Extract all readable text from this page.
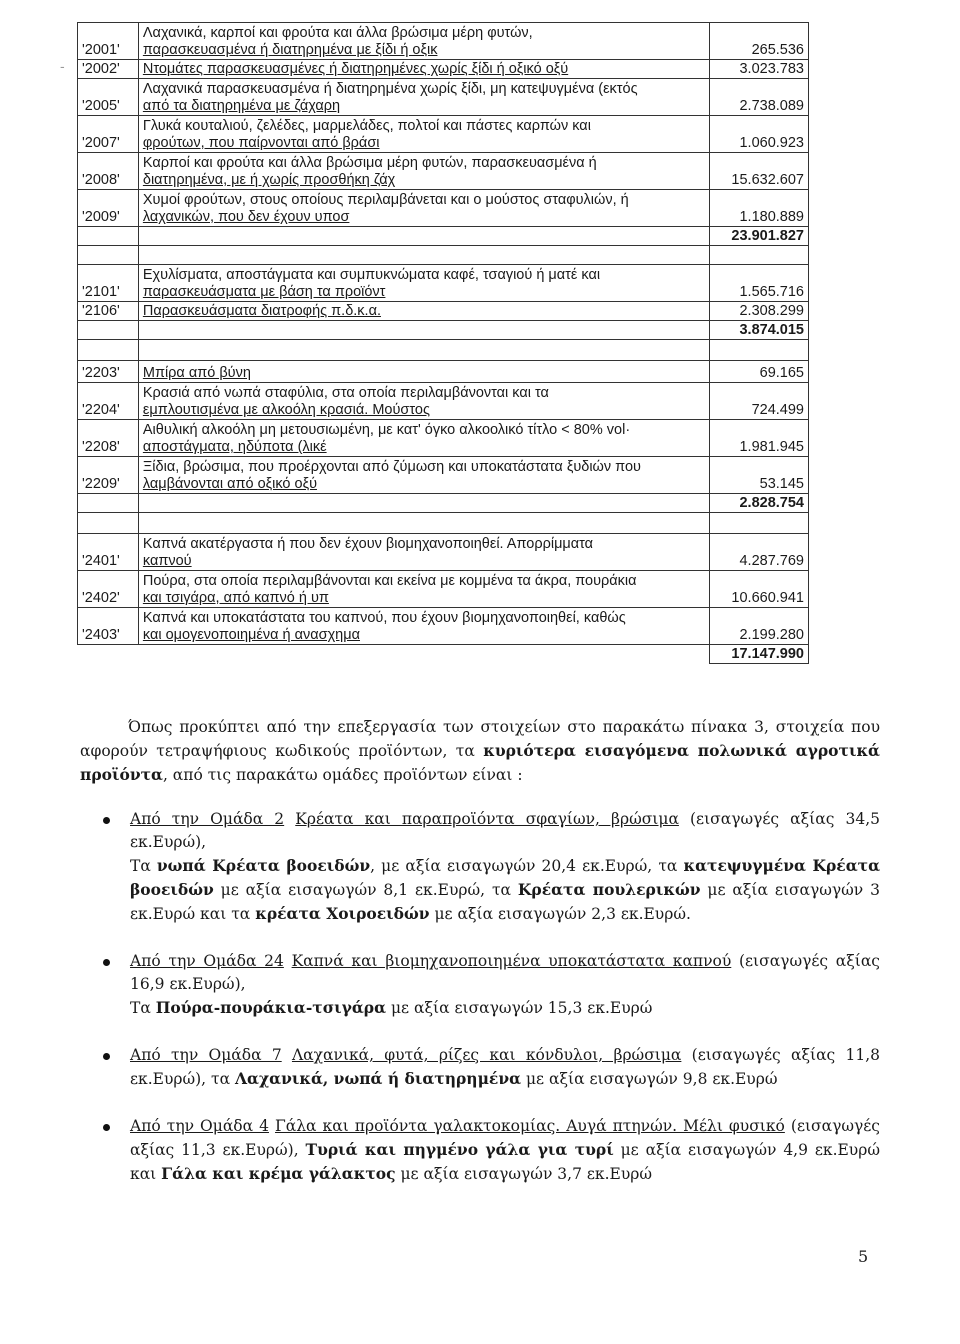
-
'2001'	Λαχανικά, καρποί και φρούτα και άλλα βρώσιμα μέρη φυτών,
παρασκευασμένα ή διατηρημένα με ξίδι ή οξικ	265.536
'2002'	Ντομάτες παρασκευασμένες ή διατηρημένες χωρίς ξίδι ή οξικό οξύ	3.023.783
'2005'	Λαχανικά παρασκευασμένα ή διατηρημένα χωρίς ξίδι, μη κατεψυγμένα (εκτός
από τα διατηρημένα με ζάχαρη	2.738.089
'2007'	Γλυκά κουταλιού, ζελέδες, μαρμελάδες, πολτοί και πάστες καρπών και
φρούτων, που παίρνονται από βράσι	1.060.923
'2008'	Καρποί και φρούτα και άλλα βρώσιμα μέρη φυτών, παρασκευασμένα ή
διατηρημένα, με ή χωρίς προσθήκη ζάχ	15.632.607
'2009'	Χυμοί φρούτων, στους οποίους περιλαμβάνεται και ο μούστος σταφυλιών, ή
λαχανικών, που δεν έχουν υποσ	1.180.889
		23.901.827

'2101'	Εχυλίσματα, αποστάγματα και συμπυκνώματα καφέ, τσαγιού ή ματέ και
παρασκευάσματα με βάση τα προϊόντ	1.565.716
'2106'	Παρασκευάσματα διατροφής π.δ.κ.α.	2.308.299
		3.874.015

'2203'	Μπίρα από βύνη	69.165
'2204'	Κρασιά από νωπά σταφύλια, στα οποία περιλαμβάνονται και τα
εμπλουτισμένα με αλκοόλη κρασιά. Μούστος	724.499
'2208'	Αιθυλική αλκοόλη μη μετουσιωμένη, με κατ' όγκο αλκοολικό τίτλο < 80% vol·
αποστάγματα, ηδύποτα (λικέ	1.981.945
'2209'	Ξίδια, βρώσιμα, που προέρχονται από ζύμωση και υποκατάστατα ξυδιών που
λαμβάνονται από οξικό οξύ	53.145
		2.828.754

'2401'	Καπνά ακατέργαστα ή που δεν έχουν βιομηχανοποιηθεί. Απορρίμματα
καπνού	4.287.769
'2402'	Πούρα, στα οποία περιλαμβάνονται και εκείνα με κομμένα τα άκρα, πουράκια
και τσιγάρα, από καπνό ή υπ	10.660.941
'2403'	Καπνά και υποκατάστατα του καπνού, που έχουν βιομηχανοποιηθεί, καθώς
και ομογενοποιημένα ή ανασχημα	2.199.280
		17.147.990

Όπως προκύπτει από την επεξεργασία των στοιχείων στο παρακάτω πίνακα 3, στοιχεία που αφορούν τετραψήφιους κωδικούς προϊόντων, τα κυριότερα εισαγόμενα πολωνικά αγροτικά προϊόντα, από τις παρακάτω ομάδες προϊόντων είναι :

Από την Ομάδα 2 Κρέατα και παραπροϊόντα σφαγίων, βρώσιμα (εισαγωγές αξίας 34,5 εκ.Ευρώ),
Τα νωπά Κρέατα βοοειδών, με αξία εισαγωγών 20,4 εκ.Ευρώ, τα κατεψυγμένα Κρέατα βοοειδών με αξία εισαγωγών 8,1 εκ.Ευρώ, τα Κρέατα πουλερικών με αξία εισαγωγών 3 εκ.Ευρώ και τα κρέατα Χοιροειδών με αξία εισαγωγών 2,3 εκ.Ευρώ.
Από την Ομάδα 24 Καπνά και βιομηχανοποιημένα υποκατάστατα καπνού (εισαγωγές αξίας 16,9 εκ.Ευρώ),
Τα Πούρα-πουράκια-τσιγάρα με αξία εισαγωγών 15,3 εκ.Ευρώ
Από την Ομάδα 7 Λαχανικά, φυτά, ρίζες και κόνδυλοι, βρώσιμα (εισαγωγές αξίας 11,8 εκ.Ευρώ), τα Λαχανικά, νωπά ή διατηρημένα με αξία εισαγωγών 9,8 εκ.Ευρώ
Από την Ομάδα 4 Γάλα και προϊόντα γαλακτοκομίας. Αυγά πτηνών. Μέλι φυσικό (εισαγωγές αξίας 11,3 εκ.Ευρώ), Τυριά και πηγμένο γάλα για τυρί με αξία εισαγωγών 4,9 εκ.Ευρώ και Γάλα και κρέμα γάλακτος με αξία εισαγωγών 3,7 εκ.Ευρώ
5
